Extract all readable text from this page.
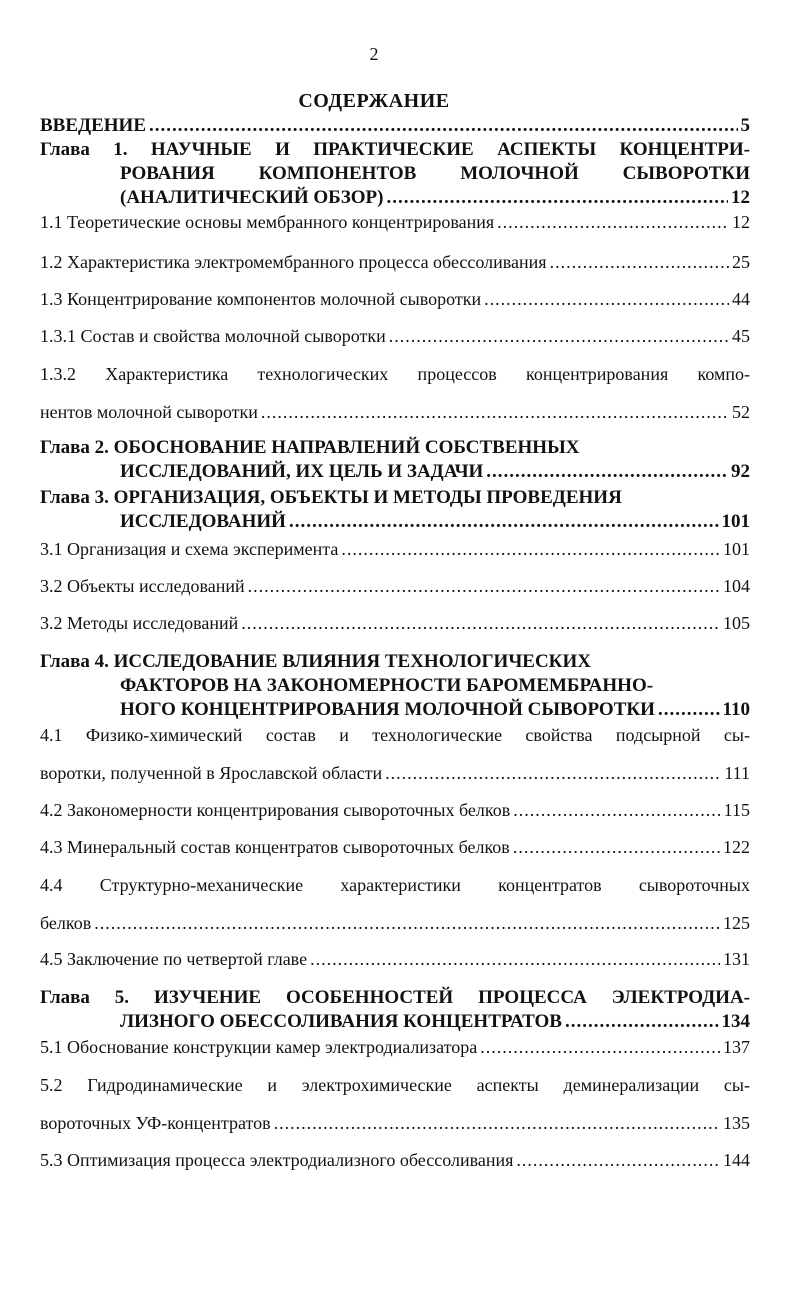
2
СОДЕРЖАНИЕ
ВВЕДЕНИЕ .....	5
Глава 1. НАУЧНЫЕ И ПРАКТИЧЕСКИЕ АСПЕКТЫ КОНЦЕНТРИ-
РОВАНИЯ КОМПОНЕНТОВ МОЛОЧНОЙ СЫВОРОТКИ
(АНАЛИТИЧЕСКИЙ ОБЗОР) .....	12
1.1 Теоретические основы мембранного концентрирования .....	12
1.2 Характеристика электромембранного процесса обессоливания .....	25
1.3 Концентрирование компонентов молочной сыворотки .....	44
1.3.1 Состав и свойства молочной сыворотки .....	45
1.3.2 Характеристика технологических процессов концентрирования компо-
нентов молочной сыворотки .....	52
Глава 2. ОБОСНОВАНИЕ НАПРАВЛЕНИЙ СОБСТВЕННЫХ
ИССЛЕДОВАНИЙ, ИХ ЦЕЛЬ И ЗАДАЧИ .....	92
Глава 3. ОРГАНИЗАЦИЯ, ОБЪЕКТЫ И МЕТОДЫ ПРОВЕДЕНИЯ
ИССЛЕДОВАНИЙ .....	101
3.1 Организация и схема эксперимента .....	101
3.2 Объекты исследований .....	104
3.2 Методы исследований .....	105
Глава 4. ИССЛЕДОВАНИЕ ВЛИЯНИЯ ТЕХНОЛОГИЧЕСКИХ
ФАКТОРОВ НА ЗАКОНОМЕРНОСТИ БАРОМЕМБРАННО-
НОГО КОНЦЕНТРИРОВАНИЯ МОЛОЧНОЙ СЫВОРОТКИ .....	110
4.1 Физико-химический состав и технологические свойства подсырной сы-
воротки, полученной в Ярославской области .....	111
4.2 Закономерности концентрирования сывороточных белков .....	115
4.3 Минеральный состав концентратов сывороточных белков .....	122
4.4 Структурно-механические характеристики концентратов сывороточных
белков .....	125
4.5 Заключение по четвертой главе .....	131
Глава 5. ИЗУЧЕНИЕ ОСОБЕННОСТЕЙ ПРОЦЕССА ЭЛЕКТРОДИА-
ЛИЗНОГО ОБЕССОЛИВАНИЯ КОНЦЕНТРАТОВ .....	134
5.1 Обоснование конструкции камер электродиализатора .....	137
5.2 Гидродинамические и электрохимические аспекты деминерализации сы-
вороточных УФ-концентратов .....	135
5.3 Оптимизация процесса электродиализного обессоливания .....	144
